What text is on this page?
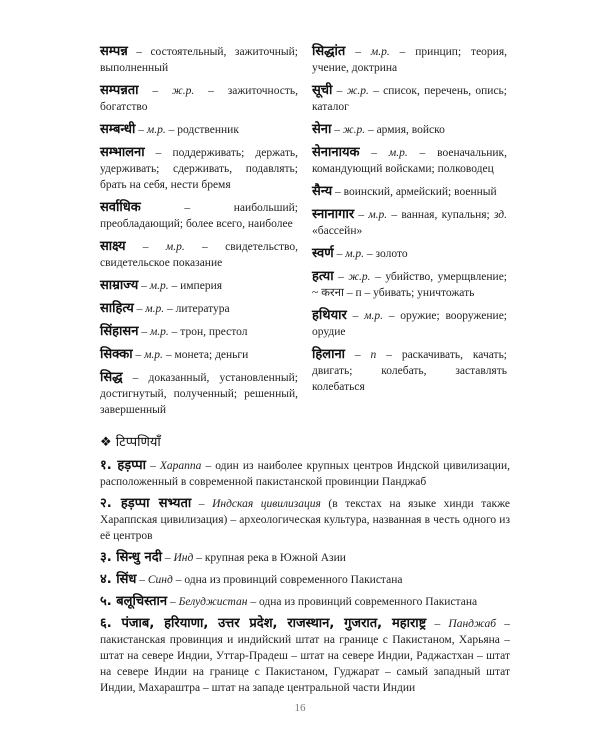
सम्पन्न – состоятельный, зажиточный; выполненный

सम्पन्नता – ж.р. – зажиточность, богатство

सम्बन्धी – м.р. – родственник

सम्भालना – поддерживать; держать, удерживать; сдерживать, подавлять; брать на себя, нести бремя

सर्वाधिक – наибольший; преобладающий; более всего, наиболее

साक्ष्य – м.р. – свидетельство, свидетельское показание

साम्राज्य – м.р. – империя

साहित्य – м.р. – литература

सिंहासन – м.р. – трон, престол

सिक्का – м.р. – монета; деньги

सिद्ध – доказанный, установленный; достигнутый, полученный; решенный, завершенный

सिद्धांत – м.р. – принцип; теория, учение, доктрина

सूची – ж.р. – список, перечень, опись; каталог

सेना – ж.р. – армия, войско

सेनानायक – м.р. – военачальник, командующий войсками; полководец

सैन्य – воинский, армейский; военный

स्नानागार – м.р. – ванная, купальня; зд. «бассейн»

स्वर्ण – м.р. – золото

हत्या – ж.р. – убийство, умерщвление; ~ करना – п – убивать; уничтожать

हथियार – м.р. – оружие; вооружение; орудие

हिलाना – п – раскачивать, качать; двигать; колебать, заставлять колебаться

❖ टिप्पणियाँ

१. हड़प्पा – Хараппа – один из наиболее крупных центров Индской цивилизации, расположенный в современной пакистанской провинции Панджаб

२. हड़प्पा सभ्यता – Индская цивилизация (в текстах на языке хинди также Хараппская цивилизация) – археологическая культура, названная в честь одного из её центров

३. सिन्धु नदी – Инд – крупная река в Южной Азии

४. सिंध – Синд – одна из провинций современного Пакистана

५. बलूचिस्तान – Белуджистан – одна из провинций современного Пакистана

६. पंजाब, हरियाणा, उत्तर प्रदेश, राजस्थान, गुजरात, महाराष्ट्र – Панджаб – пакистанская провинция и индийский штат на границе с Пакистаном, Харьяна – штат на севере Индии, Уттар-Прадеш – штат на севере Индии, Раджастхан – штат на севере Индии на границе с Пакистаном, Гуджарат – самый западный штат Индии, Махараштра – штат на западе центральной части Индии

16
